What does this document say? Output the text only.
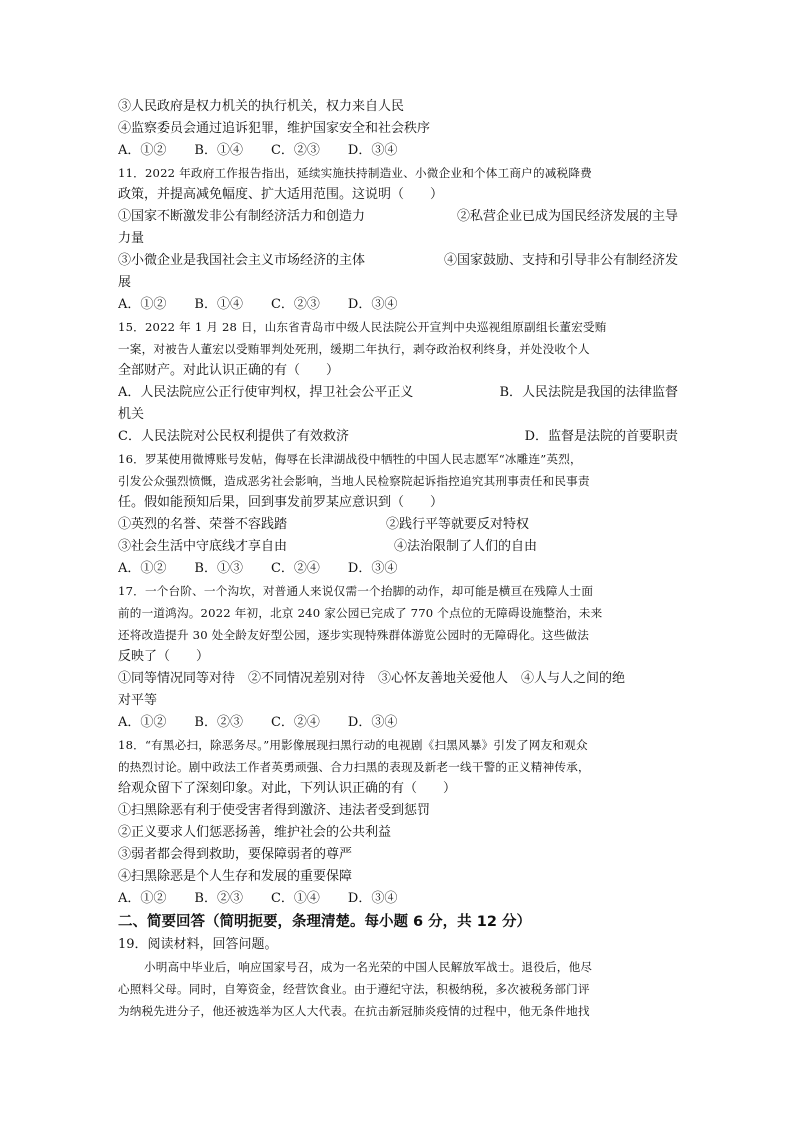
③人民政府是权力机关的执行机关，权力来自人民
④监察委员会通过追诉犯罪，维护国家安全和社会秩序
A．①② B．①④ C．②③ D．③④
11．2022 年政府工作报告指出，延续实施扶持制造业、小微企业和个体工商户的减税降费
政策，并提高减免幅度、扩大适用范围。这说明（　　）
①国家不断激发非公有制经济活力和创造力	②私营企业已成为国民经济发展的主导
力量
③小微企业是我国社会主义市场经济的主体	④国家鼓励、支持和引导非公有制经济发
展
A．①② B．①④ C．②③ D．③④
15．2022 年 1 月 28 日，山东省青岛市中级人民法院公开宣判中央巡视组原副组长董宏受贿
一案，对被告人董宏以受贿罪判处死刑，缓期二年执行，剥夺政治权利终身，并处没收个人
全部财产。对此认识正确的有（　　）
A．人民法院应公正行使审判权，捍卫社会公平正义	B．人民法院是我国的法律监督
机关
C．人民法院对公民权利提供了有效救济	D．监督是法院的首要职责
16．罗某使用微博账号发帖，侮辱在长津湖战役中牺牲的中国人民志愿军“冰雕连”英烈，
引发公众强烈愤慨，造成恶劣社会影响，当地人民检察院起诉指控追究其刑事责任和民事责
任。假如能预知后果，回到事发前罗某应意识到（　　）
①英烈的名誉、荣誉不容践踏	②践行平等就要反对特权
③社会生活中守底线才享自由	④法治限制了人们的自由
A．①② B．①③ C．②④ D．③④
17．一个台阶、一个沟坎，对普通人来说仅需一个抬脚的动作，却可能是横亘在残障人士面
前的一道鸿沟。2022 年初，北京 240 家公园已完成了 770 个点位的无障碍设施整治，未来
还将改造提升 30 处全龄友好型公园，逐步实现特殊群体游览公园时的无障碍化。这些做法
反映了（　　）
①同等情况同等对待　②不同情况差别对待　③心怀友善地关爱他人　④人与人之间的绝
对平等
A．①② B．②③ C．②④ D．③④
18．“有黑必扫，除恶务尽。”用影像展现扫黑行动的电视剧《扫黑风暴》引发了网友和观众
的热烈讨论。剧中政法工作者英勇顽强、合力扫黑的表现及新老一线干警的正义精神传承，
给观众留下了深刻印象。对此，下列认识正确的有（　　）
①扫黑除恶有利于使受害者得到激济、违法者受到惩罚
②正义要求人们惩恶扬善，维护社会的公共利益
③弱者都会得到救助，要保障弱者的尊严
④扫黑除恶是个人生存和发展的重要保障
A．①② B．②③ C．①④ D．③④
二、简要回答（简明扼要，条理清楚。每小题 6 分，共 12 分）
19．阅读材料，回答问题。
小明高中毕业后，响应国家号召，成为一名光荣的中国人民解放军战士。退役后，他尽
心照料父母。同时，自筹资金，经营饮食业。由于遵纪守法，积极纳税，多次被税务部门评
为纳税先进分子，他还被选举为区人大代表。在抗击新冠肺炎疫情的过程中，他无条件地找
